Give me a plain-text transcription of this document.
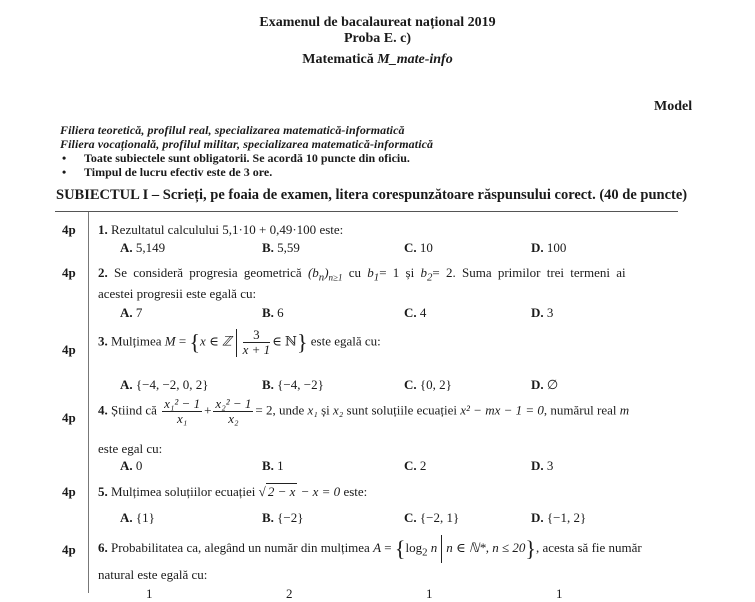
Examenul de bacalaureat național 2019
Proba E. c)
Matematică M_mate-info
Model
Filiera teoretică, profilul real, specializarea matematică-informatică
Filiera vocațională, profilul militar, specializarea matematică-informatică
• Toate subiectele sunt obligatorii. Se acordă 10 puncte din oficiu.
• Timpul de lucru efectiv este de 3 ore.
SUBIECTUL I – Scrieți, pe foaia de examen, litera corespunzătoare răspunsului corect. (40 de puncte)
4p 1. Rezultatul calculului 5,1·10 + 0,49·100 este:
A. 5,149	B. 5,59	C. 10	D. 100
4p 2. Se consideră progresia geometrică $(b_n)_{n\ge 1}$ cu $b_1= 1$ și $b_2= 2$. Suma primilor trei termeni ai
acestei progresii este egală cu:
A. 7	B. 6	C. 4	D. 3
4p
3. Mulțimea M = {x ∈ ℤ $\frac{3}{x + 1}$ ∈ ℕ} este egală cu:
A. {−4, −2, 0, 2}	B. {−4, −2}	C. {0, 2}	D. ∅
4p
4. Știind că $\frac{\text{x₁² − 1}}{\text{x₁}} + \frac{\text{x₂² − 1}}{\text{x₂}} = 2$, unde x₁ și x₂ sunt soluțiile ecuației x² − mx − 1 = 0, numărul real m
este egal cu:
A. 0	B. 1	C. 2	D. 3
4p 5. Mulțimea soluțiilor ecuației √ 2 − x − x = 0 este:
A. {1}	B. {−2}	C. {−2, 1}	D. {−1, 2}
4p 6. Probabilitatea ca, alegând un număr din mulțimea $A = \{\log_2$ n n ∈ ℕ*, n ≤ 20}, acesta să fie număr
natural este egală cu:
1	2	1	1
